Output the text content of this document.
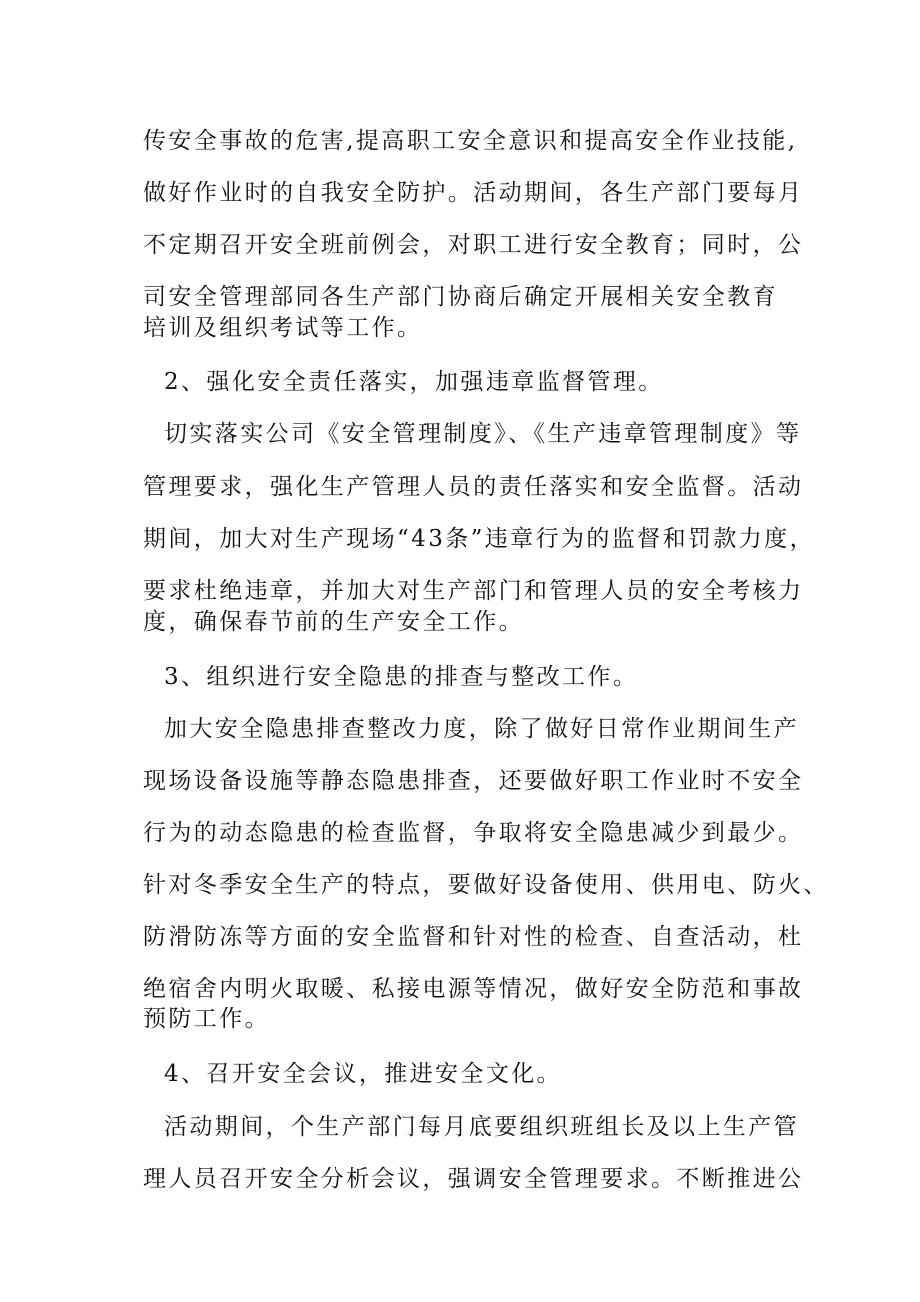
传安全事故的危害,提高职工安全意识和提高安全作业技能,
做好作业时的自我安全防护。活动期间，各生产部门要每月
不定期召开安全班前例会，对职工进行安全教育；同时，公
司安全管理部同各生产部门协商后确定开展相关安全教育
培训及组织考试等工作。
2、强化安全责任落实，加强违章监督管理。
切实落实公司《安全管理制度》、《生产违章管理制度》等
管理要求，强化生产管理人员的责任落实和安全监督。活动
期间，加大对生产现场“43条”违章行为的监督和罚款力度，
要求杜绝违章，并加大对生产部门和管理人员的安全考核力
度，确保春节前的生产安全工作。
3、组织进行安全隐患的排查与整改工作。
加大安全隐患排查整改力度，除了做好日常作业期间生产
现场设备设施等静态隐患排查，还要做好职工作业时不安全
行为的动态隐患的检查监督，争取将安全隐患减少到最少。
针对冬季安全生产的特点，要做好设备使用、供用电、防火、
防滑防冻等方面的安全监督和针对性的检查、自查活动，杜
绝宿舍内明火取暖、私接电源等情况，做好安全防范和事故
预防工作。
4、召开安全会议，推进安全文化。
活动期间，个生产部门每月底要组织班组长及以上生产管
理人员召开安全分析会议，强调安全管理要求。不断推进公
